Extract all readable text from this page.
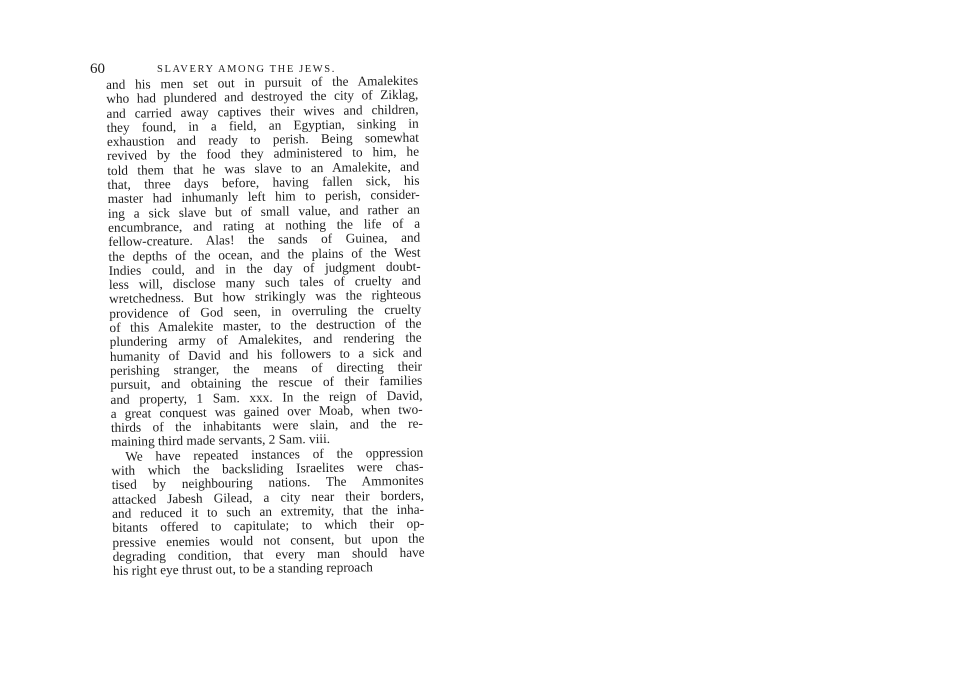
60	SLAVERY AMONG THE JEWS.
and his men set out in pursuit of the Amalekites
who had plundered and destroyed the city of Ziklag,
and carried away captives their wives and children,
they found, in a field, an Egyptian, sinking in
exhaustion and ready to perish. Being somewhat
revived by the food they administered to him, he
told them that he was slave to an Amalekite, and
that, three days before, having fallen sick, his
master had inhumanly left him to perish, consider-
ing a sick slave but of small value, and rather an
encumbrance, and rating at nothing the life of a
fellow-creature. Alas! the sands of Guinea, and
the depths of the ocean, and the plains of the West
Indies could, and in the day of judgment doubt-
less will, disclose many such tales of cruelty and
wretchedness. But how strikingly was the righteous
providence of God seen, in overruling the cruelty
of this Amalekite master, to the destruction of the
plundering army of Amalekites, and rendering the
humanity of David and his followers to a sick and
perishing stranger, the means of directing their
pursuit, and obtaining the rescue of their families
and property, 1 Sam. xxx. In the reign of David,
a great conquest was gained over Moab, when two-
thirds of the inhabitants were slain, and the re-
maining third made servants, 2 Sam. viii.
We have repeated instances of the oppression
with which the backsliding Israelites were chas-
tised by neighbouring nations. The Ammonites
attacked Jabesh Gilead, a city near their borders,
and reduced it to such an extremity, that the inha-
bitants offered to capitulate; to which their op-
pressive enemies would not consent, but upon the
degrading condition, that every man should have
his right eye thrust out, to be a standing reproach
